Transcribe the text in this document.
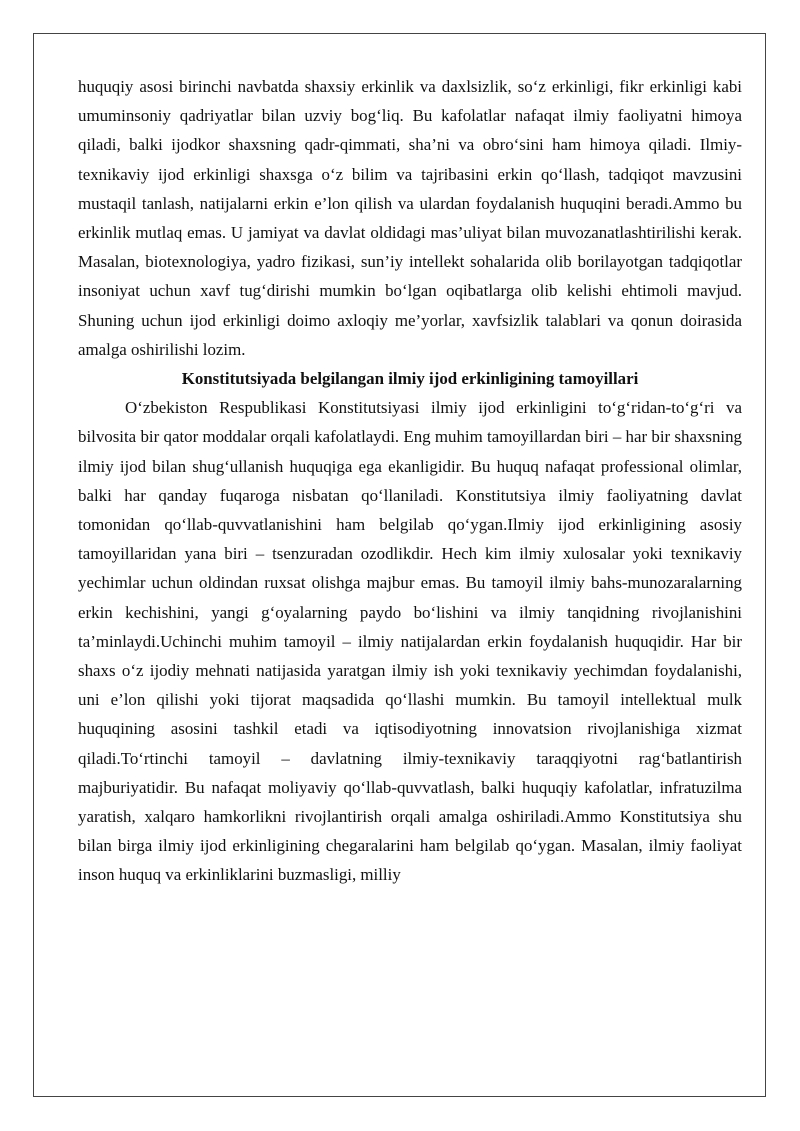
huquqiy asosi birinchi navbatda shaxsiy erkinlik va daxlsizlik, so‘z erkinligi, fikr erkinligi kabi umuminsoniy qadriyatlar bilan uzviy bog‘liq. Bu kafolatlar nafaqat ilmiy faoliyatni himoya qiladi, balki ijodkor shaxsning qadr-qimmati, sha’ni va obro‘sini ham himoya qiladi. Ilmiy-texnikaviy ijod erkinligi shaxsga o‘z bilim va tajribasini erkin qo‘llash, tadqiqot mavzusini mustaqil tanlash, natijalarni erkin e’lon qilish va ulardan foydalanish huquqini beradi.Ammo bu erkinlik mutlaq emas. U jamiyat va davlat oldidagi mas’uliyat bilan muvozanatlashtirilishi kerak. Masalan, biotexnologiya, yadro fizikasi, sun’iy intellekt sohalarida olib borilayotgan tadqiqotlar insoniyat uchun xavf tug‘dirishi mumkin bo‘lgan oqibatlarga olib kelishi ehtimoli mavjud. Shuning uchun ijod erkinligi doimo axloqiy me’yorlar, xavfsizlik talablari va qonun doirasida amalga oshirilishi lozim.

Konstitutsiyada belgilangan ilmiy ijod erkinligining tamoyillari

O‘zbekiston Respublikasi Konstitutsiyasi ilmiy ijod erkinligini to‘g‘ridan-to‘g‘ri va bilvosita bir qator moddalar orqali kafolatlaydi. Eng muhim tamoyillardan biri – har bir shaxsning ilmiy ijod bilan shug‘ullanish huquqiga ega ekanligidir. Bu huquq nafaqat professional olimlar, balki har qanday fuqaroga nisbatan qo‘llaniladi. Konstitutsiya ilmiy faoliyatning davlat tomonidan qo‘llab-quvvatlanishini ham belgilab qo‘ygan.Ilmiy ijod erkinligining asosiy tamoyillaridan yana biri – tsenzuradan ozodlikdir. Hech kim ilmiy xulosalar yoki texnikaviy yechimlar uchun oldindan ruxsat olishga majbur emas. Bu tamoyil ilmiy bahs-munozaralarning erkin kechishini, yangi g‘oyalarning paydo bo‘lishini va ilmiy tanqidning rivojlanishini ta’minlaydi.Uchinchi muhim tamoyil – ilmiy natijalardan erkin foydalanish huquqidir. Har bir shaxs o‘z ijodiy mehnati natijasida yaratgan ilmiy ish yoki texnikaviy yechimdan foydalanishi, uni e’lon qilishi yoki tijorat maqsadida qo‘llashi mumkin. Bu tamoyil intellektual mulk huquqining asosini tashkil etadi va iqtisodiyotning innovatsion rivojlanishiga xizmat qiladi.To‘rtinchi tamoyil – davlatning ilmiy-texnikaviy taraqqiyotni rag‘batlantirish majburiyatidir. Bu nafaqat moliyaviy qo‘llab-quvvatlash, balki huquqiy kafolatlar, infratuzilma yaratish, xalqaro hamkorlikni rivojlantirish orqali amalga oshiriladi.Ammo Konstitutsiya shu bilan birga ilmiy ijod erkinligining chegaralarini ham belgilab qo‘ygan. Masalan, ilmiy faoliyat inson huquq va erkinliklarini buzmasligi, milliy
